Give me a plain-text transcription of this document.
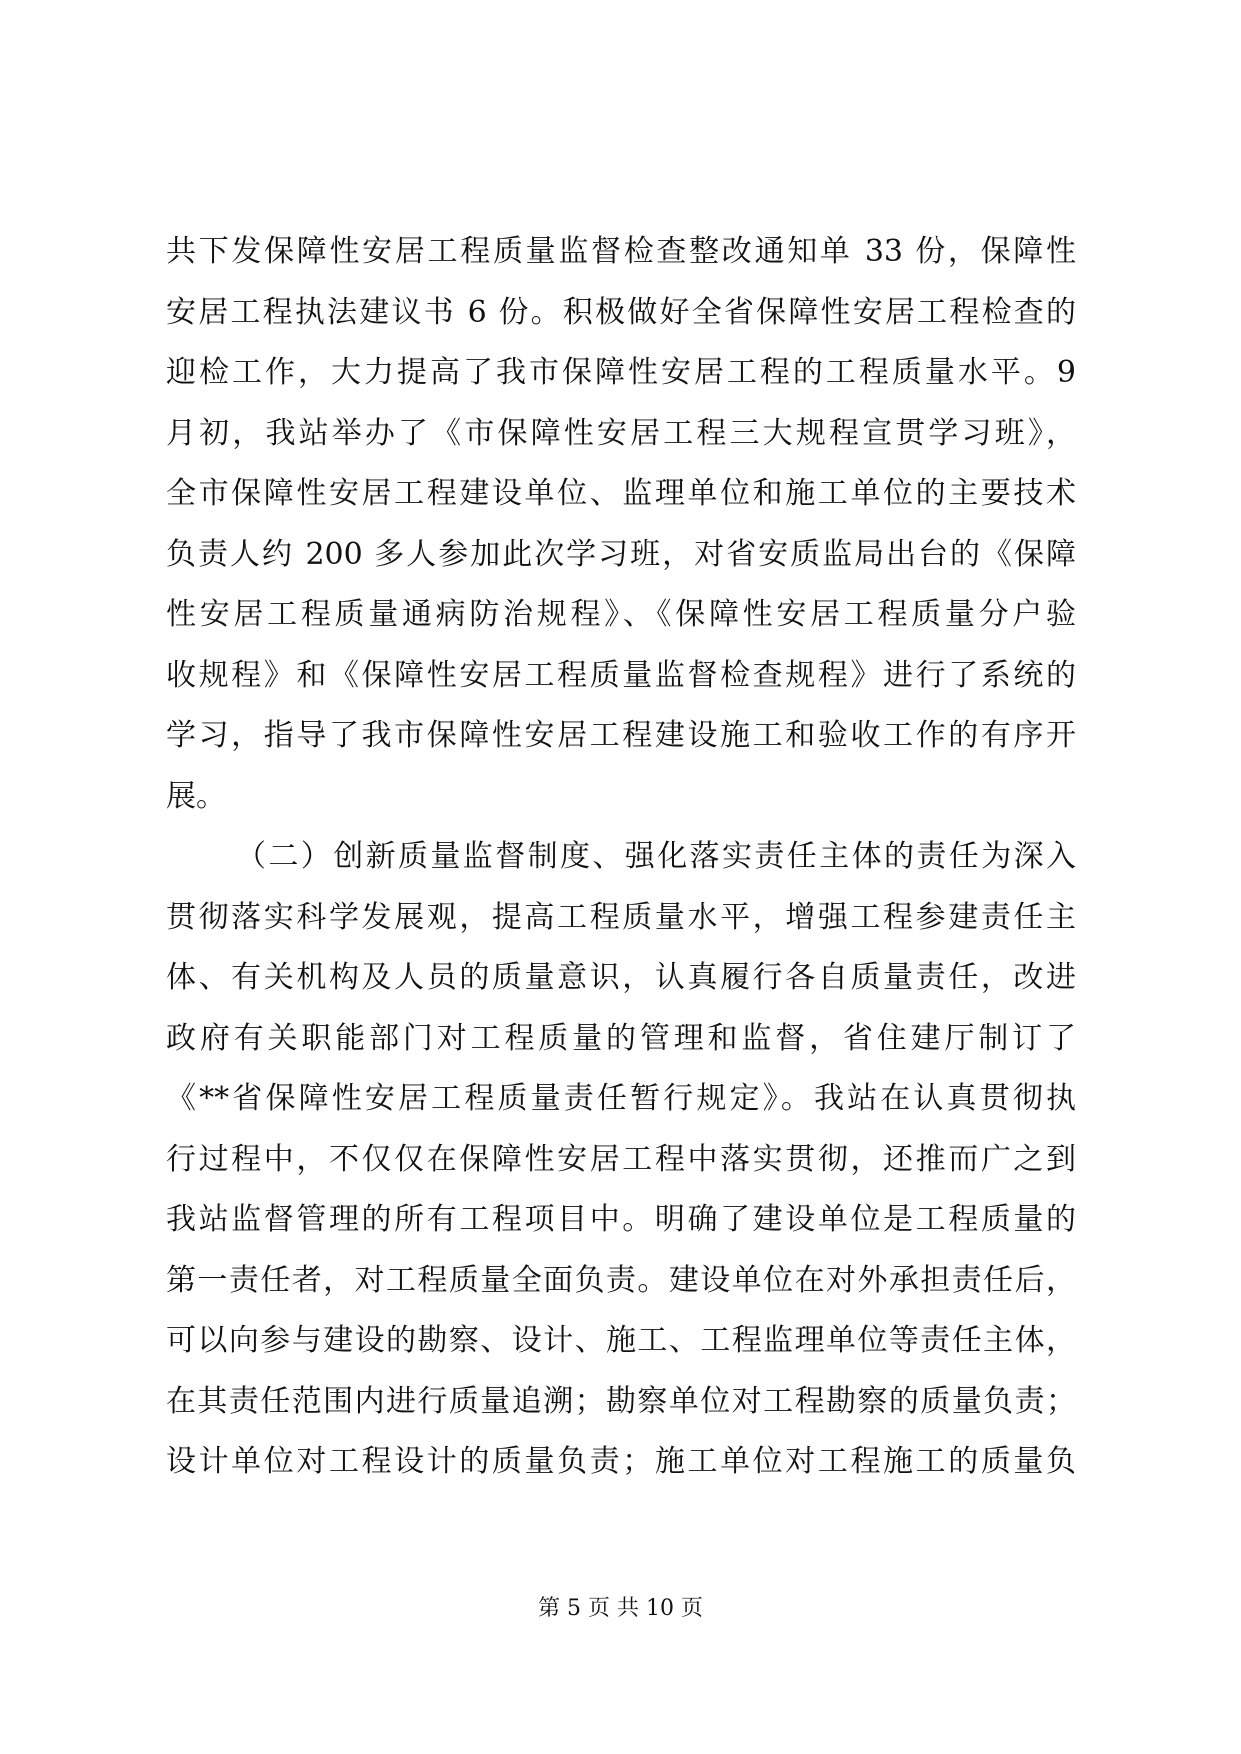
共下发保障性安居工程质量监督检查整改通知单 33 份，保障性
安居工程执法建议书 6 份。积极做好全省保障性安居工程检查的
迎检工作，大力提高了我市保障性安居工程的工程质量水平。9
月初，我站举办了《市保障性安居工程三大规程宣贯学习班》，
全市保障性安居工程建设单位、监理单位和施工单位的主要技术
负责人约 200 多人参加此次学习班，对省安质监局出台的《保障
性安居工程质量通病防治规程》、《保障性安居工程质量分户验
收规程》和《保障性安居工程质量监督检查规程》进行了系统的
学习，指导了我市保障性安居工程建设施工和验收工作的有序开
展。
（二）创新质量监督制度、强化落实责任主体的责任为深入
贯彻落实科学发展观，提高工程质量水平，增强工程参建责任主
体、有关机构及人员的质量意识，认真履行各自质量责任，改进
政府有关职能部门对工程质量的管理和监督，省住建厅制订了
《**省保障性安居工程质量责任暂行规定》。我站在认真贯彻执
行过程中，不仅仅在保障性安居工程中落实贯彻，还推而广之到
我站监督管理的所有工程项目中。明确了建设单位是工程质量的
第一责任者，对工程质量全面负责。建设单位在对外承担责任后，
可以向参与建设的勘察、设计、施工、工程监理单位等责任主体，
在其责任范围内进行质量追溯；勘察单位对工程勘察的质量负责；
设计单位对工程设计的质量负责；施工单位对工程施工的质量负
第 5 页 共 10 页
